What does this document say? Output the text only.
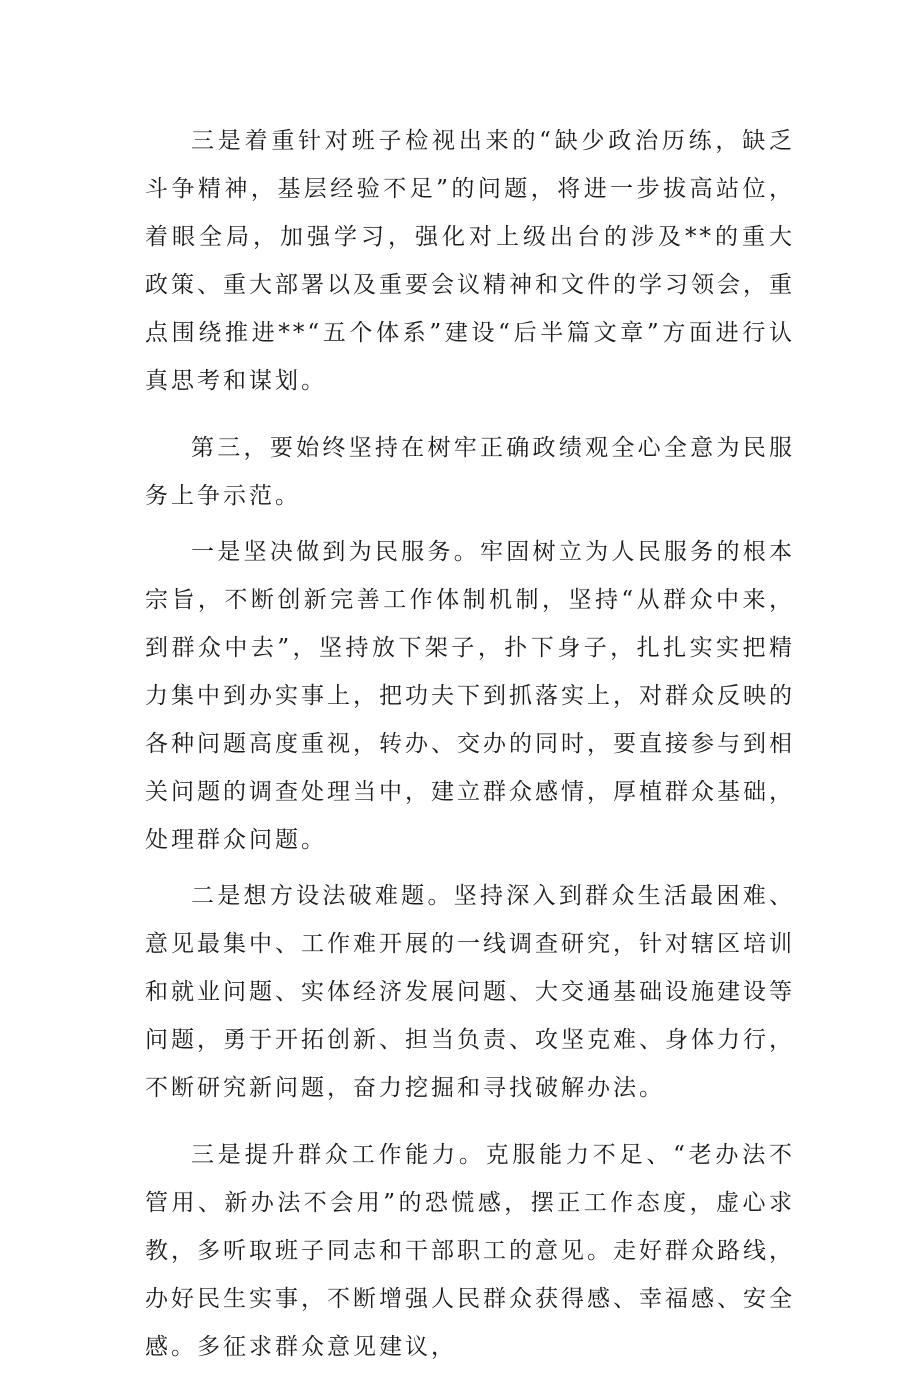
三是着重针对班子检视出来的“缺少政治历练，缺乏斗争精神，基层经验不足”的问题，将进一步拔高站位，着眼全局，加强学习，强化对上级出台的涉及**的重大政策、重大部署以及重要会议精神和文件的学习领会，重点围绕推进**“五个体系”建设“后半篇文章”方面进行认真思考和谋划。

第三，要始终坚持在树牢正确政绩观全心全意为民服务上争示范。

一是坚决做到为民服务。牢固树立为人民服务的根本宗旨，不断创新完善工作体制机制，坚持“从群众中来，到群众中去”，坚持放下架子，扑下身子，扎扎实实把精力集中到办实事上，把功夫下到抓落实上，对群众反映的各种问题高度重视，转办、交办的同时，要直接参与到相关问题的调查处理当中，建立群众感情，厚植群众基础，处理群众问题。

二是想方设法破难题。坚持深入到群众生活最困难、意见最集中、工作难开展的一线调查研究，针对辖区培训和就业问题、实体经济发展问题、大交通基础设施建设等问题，勇于开拓创新、担当负责、攻坚克难、身体力行，不断研究新问题，奋力挖掘和寻找破解办法。

三是提升群众工作能力。克服能力不足、“老办法不管用、新办法不会用”的恐慌感，摆正工作态度，虚心求教，多听取班子同志和干部职工的意见。走好群众路线，办好民生实事，不断增强人民群众获得感、幸福感、安全感。多征求群众意见建议，
